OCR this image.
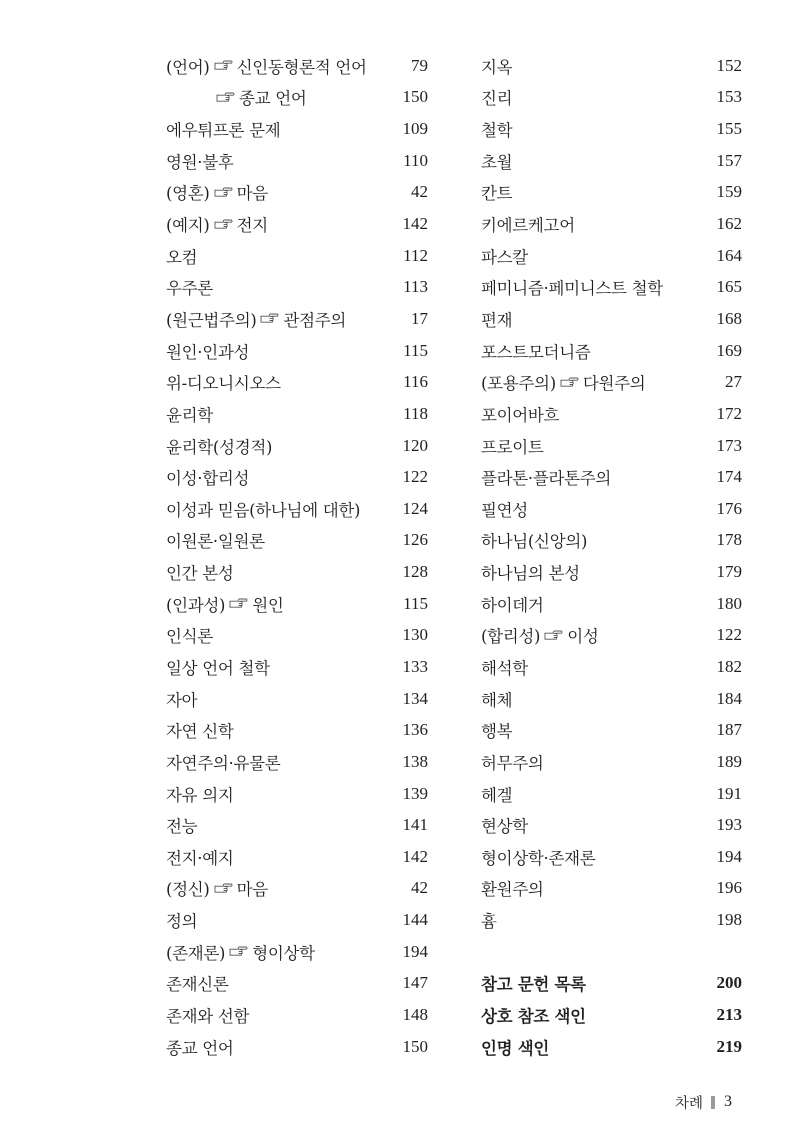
(언어) 신인동형론적 언어	79
종교 언어	150
에우튀프론 문제	109
영원·불후	110
(영혼) 마음	42
(예지) 전지	142
오컴	112
우주론	113
(원근법주의) 관점주의	17
원인·인과성	115
위-디오니시오스	116
윤리학	118
윤리학(성경적)	120
이성·합리성	122
이성과 믿음(하나님에 대한) 124
이원론·일원론	126
인간 본성	128
(인과성) 원인	115
인식론	130
일상 언어 철학	133
자아	134
자연 신학	136
자연주의·유물론	138
자유 의지	139
전능	141
전지·예지	142
(정신) 마음	42
정의	144
(존재론) 형이상학	194
존재신론	147
존재와 선함	148
종교 언어	150
지옥	152
진리	153
철학	155
초월	157
칸트	159
키에르케고어	162
파스칼	164
페미니즘·페미니스트 철학	165
편재	168
포스트모더니즘	169
(포용주의) 다원주의	27
포이어바흐	172
프로이트	173
플라톤·플라톤주의	174
필연성	176
하나님(신앙의)	178
하나님의 본성	179
하이데거	180
(합리성) 이성	122
해석학	182
해체	184
행복	187
허무주의	189
헤겔	191
현상학	193
형이상학·존재론	194
환원주의	196
흄	198
참고 문헌 목록	200
상호 참조 색인	213
인명 색인	219
차례 3
